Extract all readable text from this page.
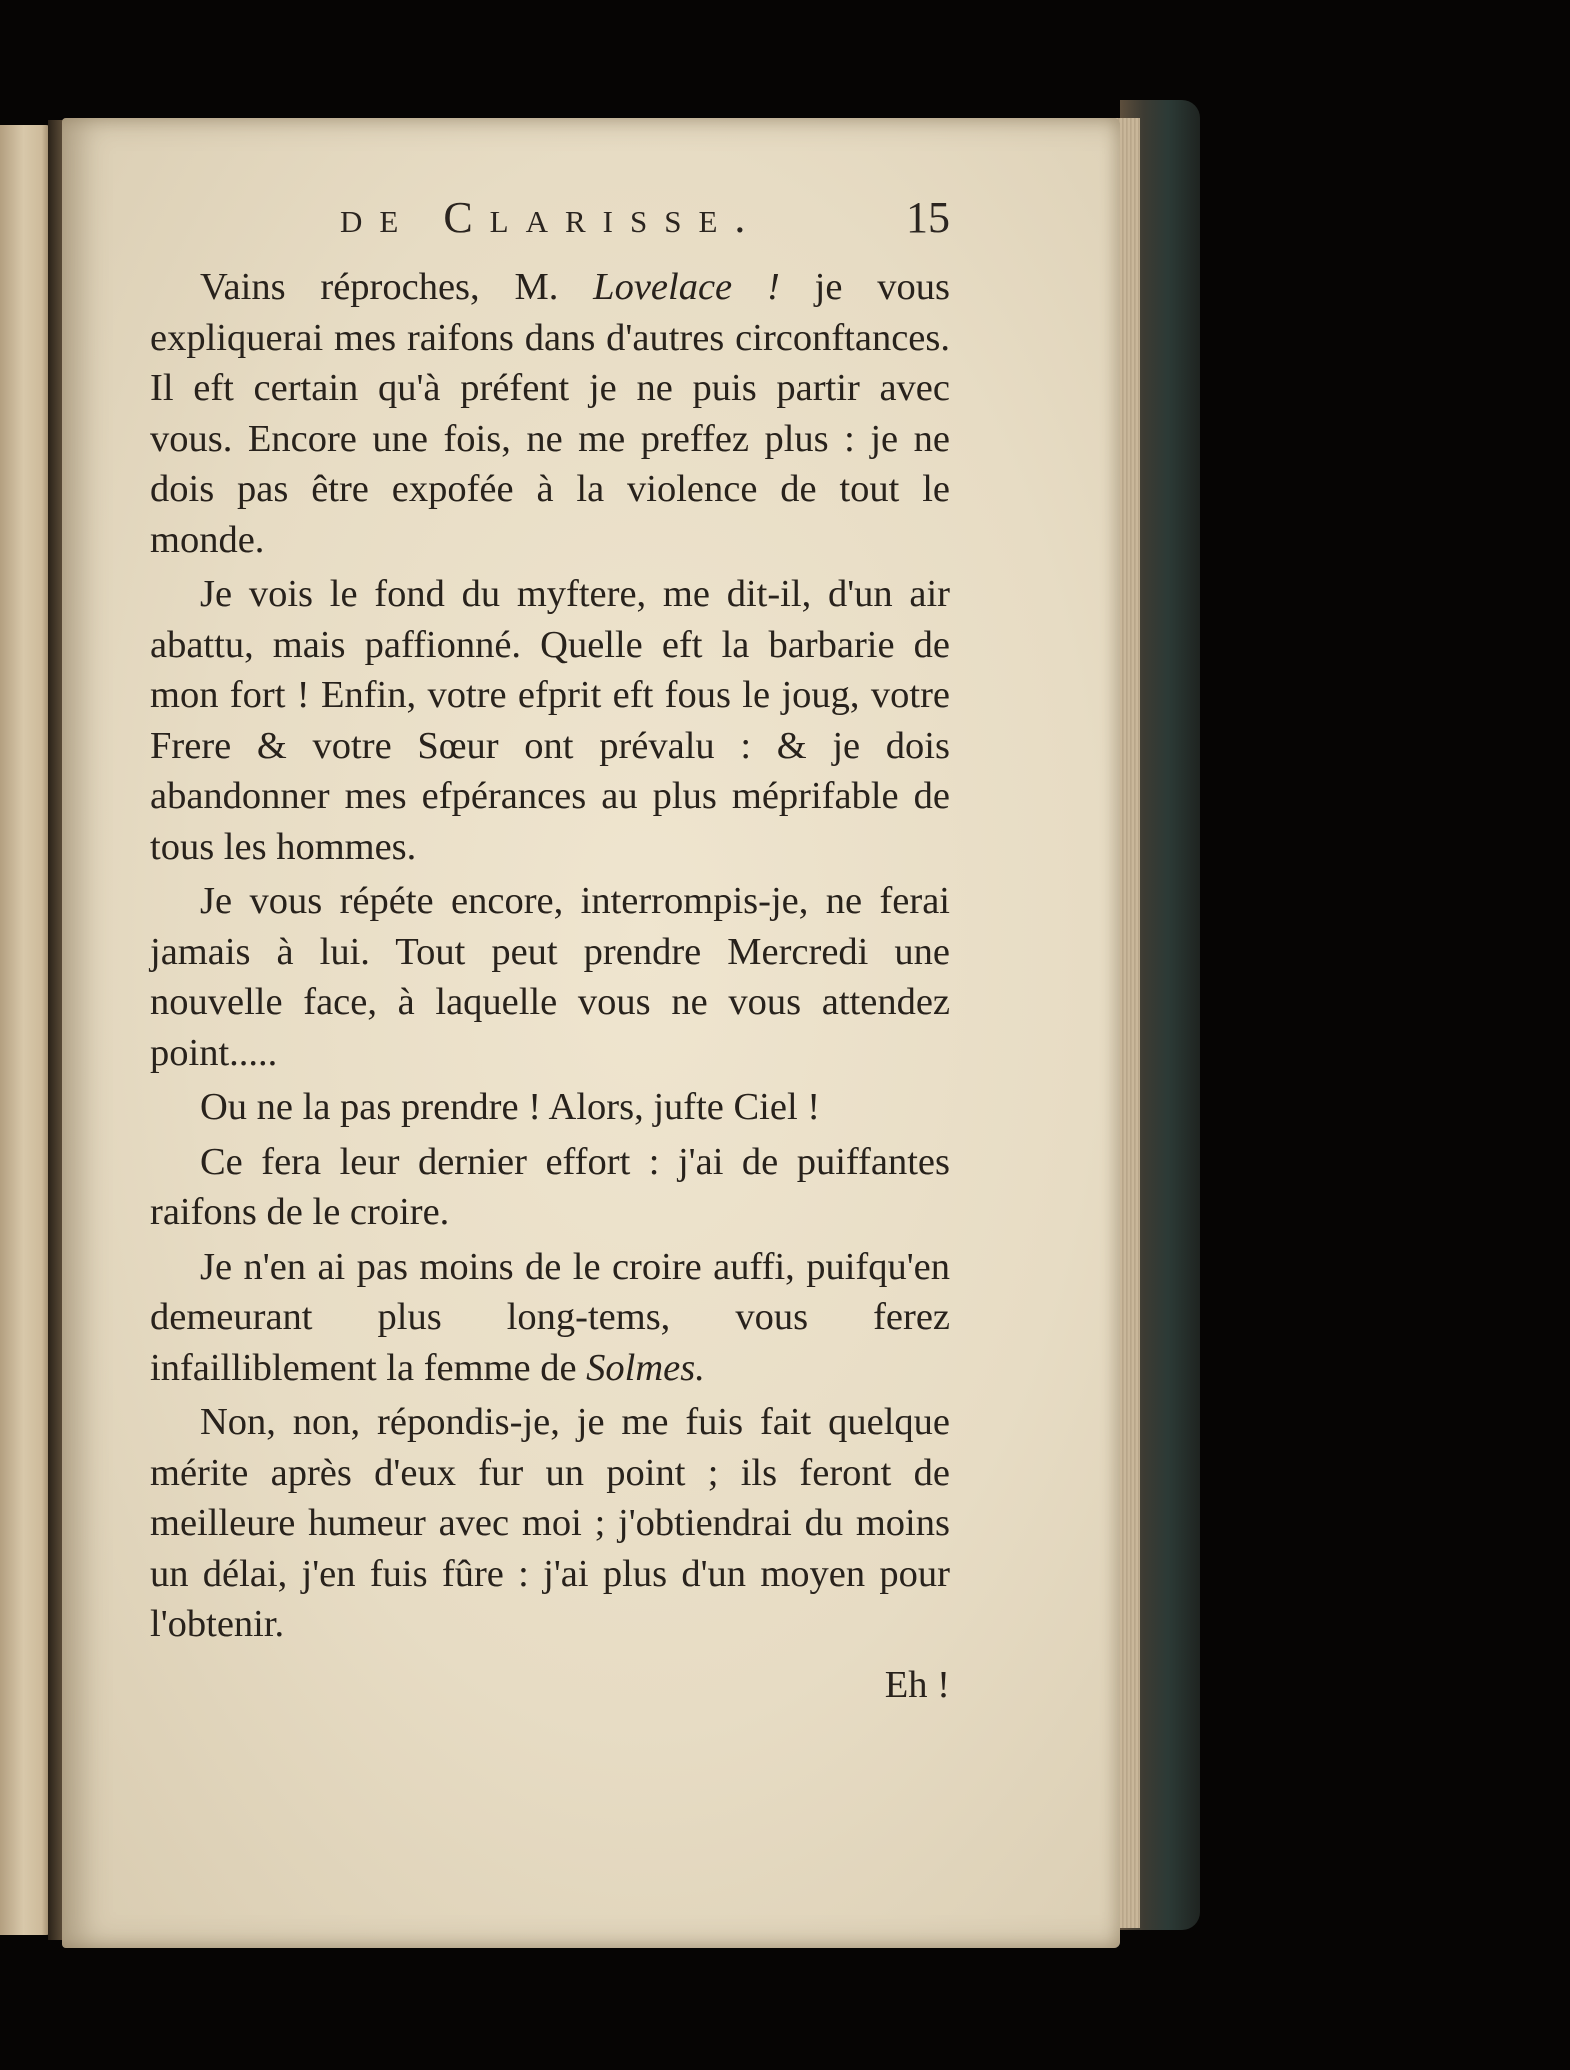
de Clarisse.	15

Vains réproches, M. Lovelace ! je vous expliquerai mes raifons dans d'autres circonftances. Il eft certain qu'à préfent je ne puis partir avec vous. Encore une fois, ne me preffez plus : je ne dois pas être expofée à la violence de tout le monde.

Je vois le fond du myftere, me dit-il, d'un air abattu, mais paffionné. Quelle eft la barbarie de mon fort ! Enfin, votre efprit eft fous le joug, votre Frere & votre Sœur ont prévalu : & je dois abandonner mes efpérances au plus méprifable de tous les hommes.

Je vous répéte encore, interrompis-je, ne ferai jamais à lui. Tout peut prendre Mercredi une nouvelle face, à laquelle vous ne vous attendez point.....

Ou ne la pas prendre ! Alors, jufte Ciel !

Ce fera leur dernier effort : j'ai de puiffantes raifons de le croire.

Je n'en ai pas moins de le croire auffi, puifqu'en demeurant plus long-tems, vous ferez infailliblement la femme de Solmes.

Non, non, répondis-je, je me fuis fait quelque mérite après d'eux fur un point ; ils feront de meilleure humeur avec moi ; j'obtiendrai du moins un délai, j'en fuis fûre : j'ai plus d'un moyen pour l'obtenir.

Eh !
